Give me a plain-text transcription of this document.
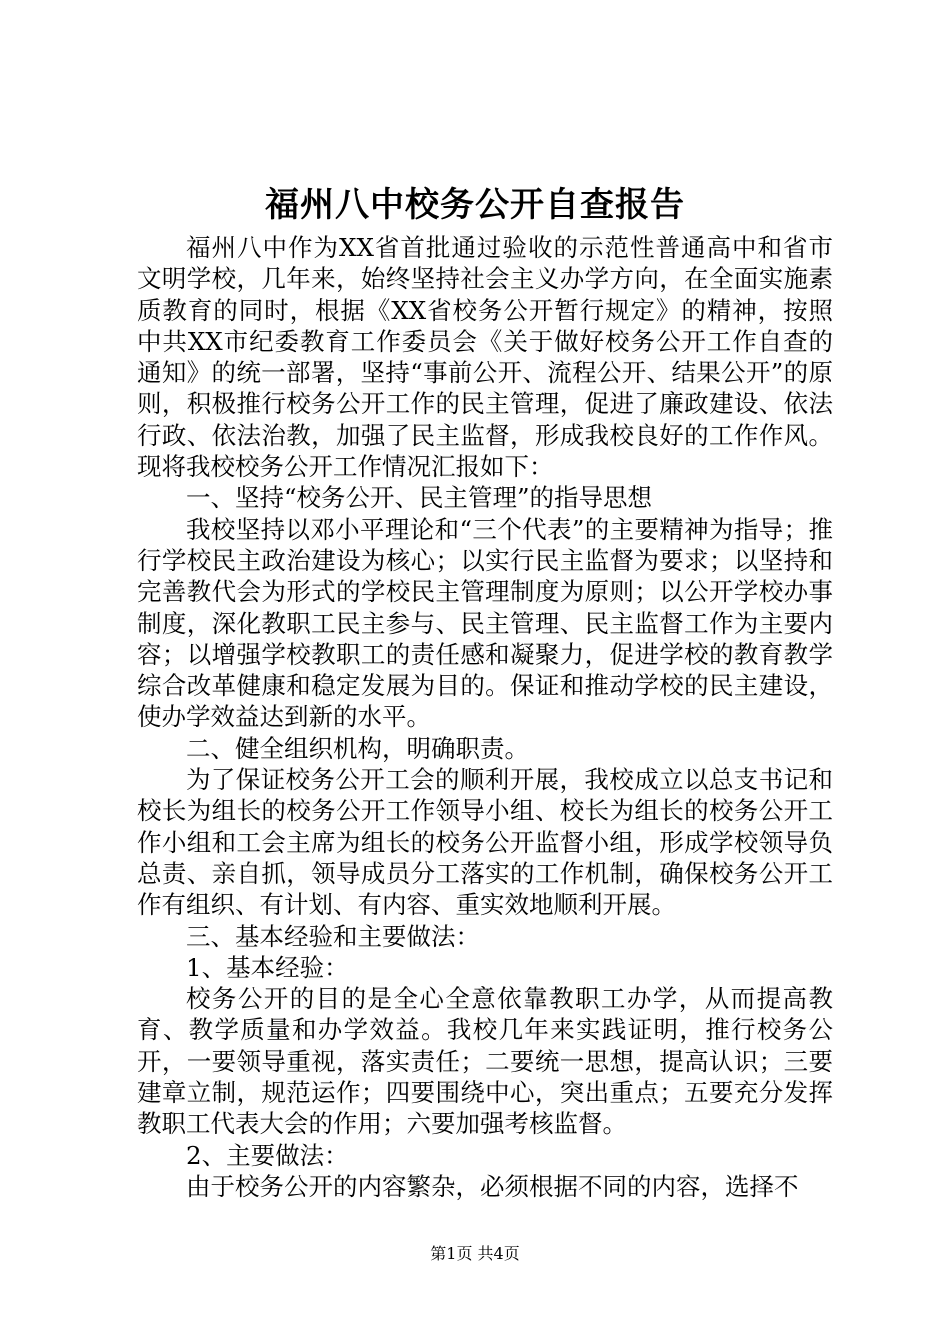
福州八中校务公开自查报告

福州八中作为XX省首批通过验收的示范性普通高中和省市文明学校，几年来，始终坚持社会主义办学方向，在全面实施素质教育的同时，根据《XX省校务公开暂行规定》的精神，按照中共XX市纪委教育工作委员会《关于做好校务公开工作自查的通知》的统一部署，坚持“事前公开、流程公开、结果公开”的原则，积极推行校务公开工作的民主管理，促进了廉政建设、依法行政、依法治教，加强了民主监督，形成我校良好的工作作风。现将我校校务公开工作情况汇报如下：

一、坚持“校务公开、民主管理”的指导思想

我校坚持以邓小平理论和“三个代表”的主要精神为指导；推行学校民主政治建设为核心；以实行民主监督为要求；以坚持和完善教代会为形式的学校民主管理制度为原则；以公开学校办事制度，深化教职工民主参与、民主管理、民主监督工作为主要内容；以增强学校教职工的责任感和凝聚力，促进学校的教育教学综合改革健康和稳定发展为目的。保证和推动学校的民主建设，使办学效益达到新的水平。

二、健全组织机构，明确职责。

为了保证校务公开工会的顺利开展，我校成立以总支书记和校长为组长的校务公开工作领导小组、校长为组长的校务公开工作小组和工会主席为组长的校务公开监督小组，形成学校领导负总责、亲自抓，领导成员分工落实的工作机制，确保校务公开工作有组织、有计划、有内容、重实效地顺利开展。

三、基本经验和主要做法：

1、基本经验：

校务公开的目的是全心全意依靠教职工办学，从而提高教育、教学质量和办学效益。我校几年来实践证明，推行校务公开，一要领导重视，落实责任；二要统一思想，提高认识；三要建章立制，规范运作；四要围绕中心，突出重点；五要充分发挥教职工代表大会的作用；六要加强考核监督。

2、主要做法：

由于校务公开的内容繁杂，必须根据不同的内容，选择不

第1页 共4页
